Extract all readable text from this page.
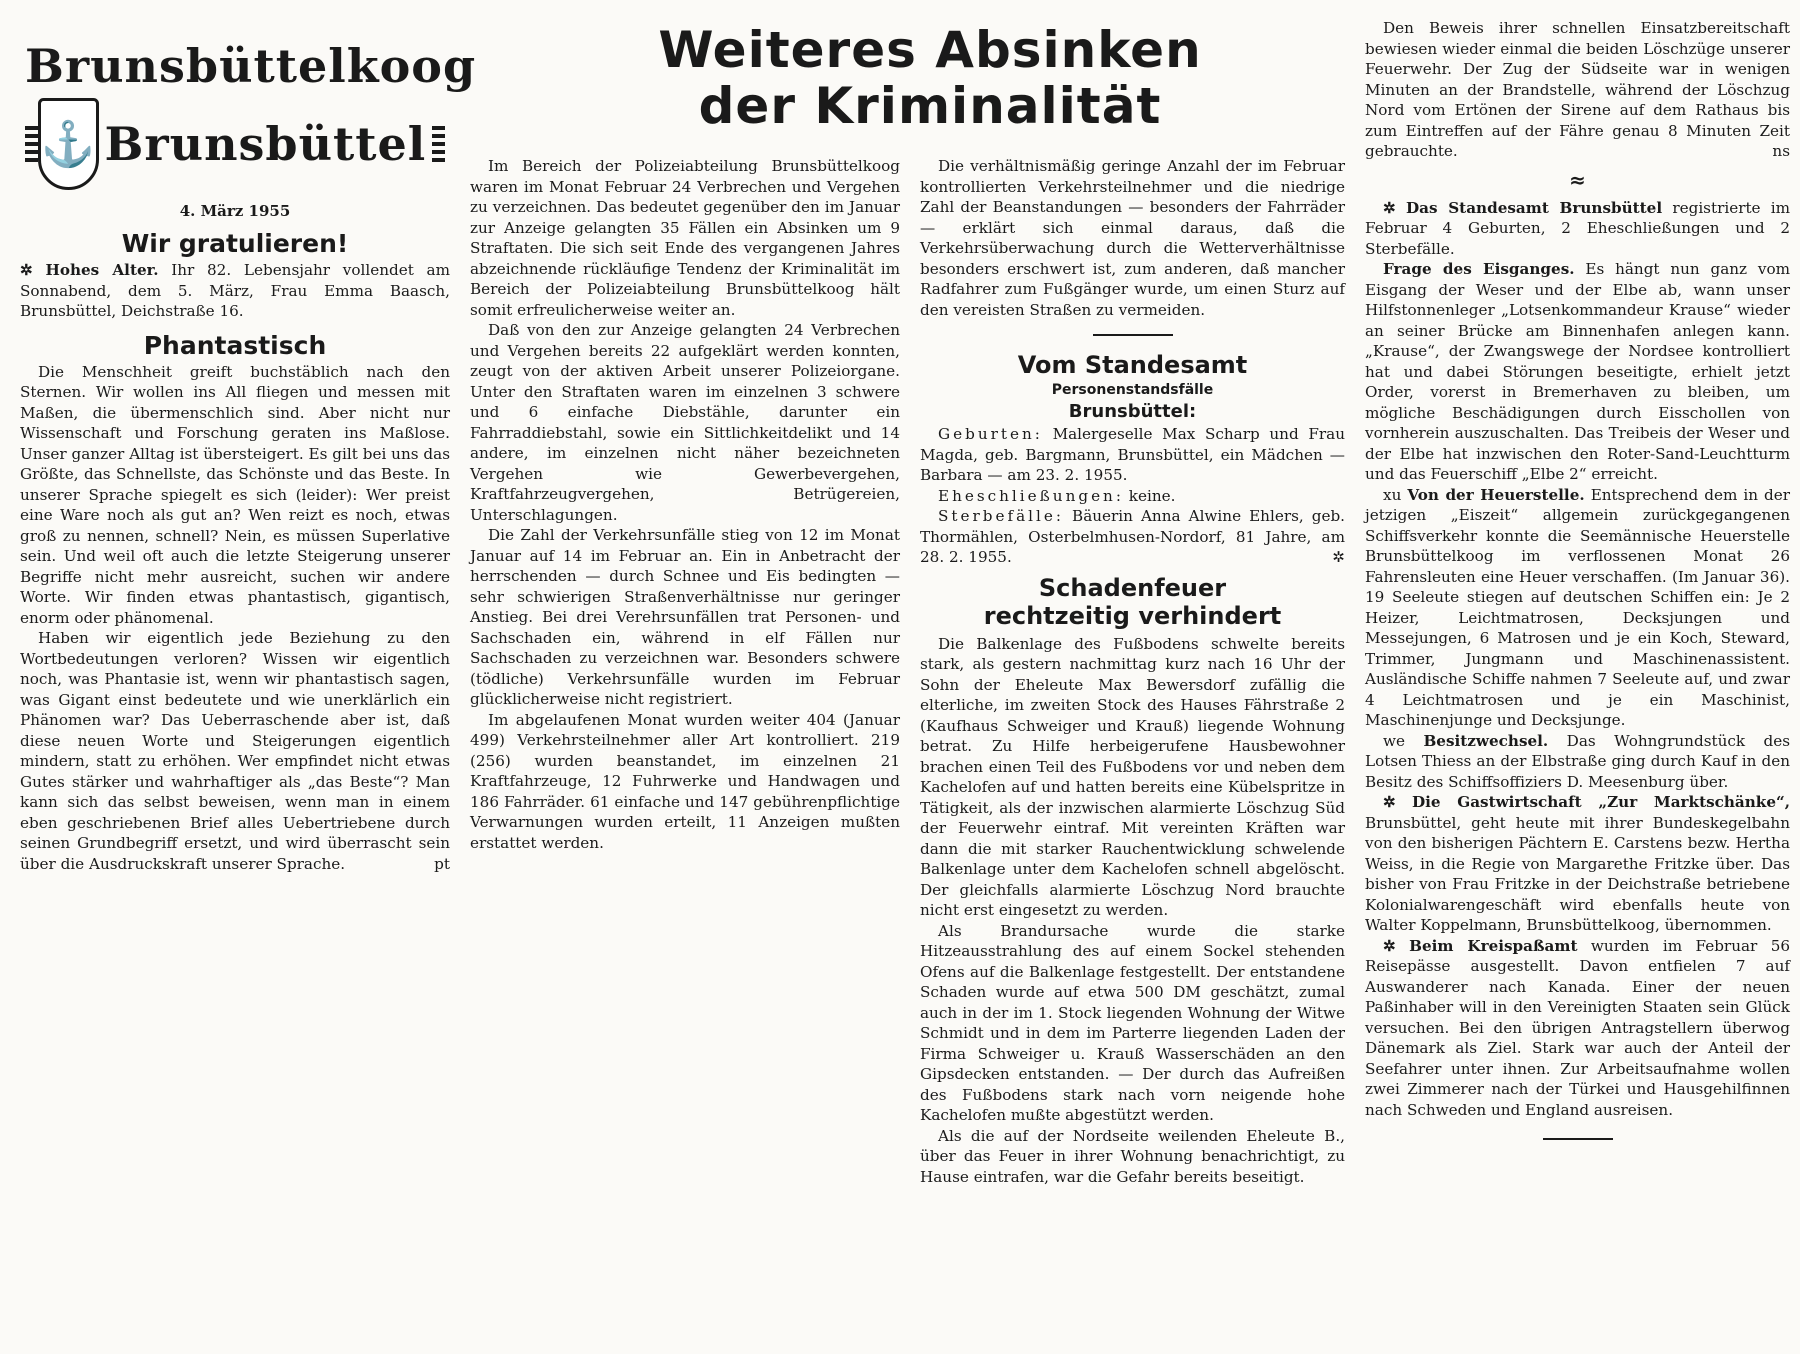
Brunsbüttelkoog
⚓ Brunsbüttel
Weiteres Absinken
der Kriminalität
4. März 1955
Wir gratulieren!

✲ Hohes Alter. Ihr 82. Lebensjahr vollendet am Sonnabend, dem 5. März, Frau Emma Baasch, Brunsbüttel, Deichstraße 16.

Phantastisch

Die Menschheit greift buchstäblich nach den Sternen. Wir wollen ins All fliegen und messen mit Maßen, die übermenschlich sind. Aber nicht nur Wissenschaft und Forschung geraten ins Maßlose. Unser ganzer Alltag ist übersteigert. Es gilt bei uns das Größte, das Schnellste, das Schönste und das Beste. In unserer Sprache spiegelt es sich (leider): Wer preist eine Ware noch als gut an? Wen reizt es noch, etwas groß zu nennen, schnell? Nein, es müssen Superlative sein. Und weil oft auch die letzte Steigerung unserer Begriffe nicht mehr ausreicht, suchen wir andere Worte. Wir finden etwas phantastisch, gigantisch, enorm oder phänomenal.

Haben wir eigentlich jede Beziehung zu den Wortbedeutungen verloren? Wissen wir eigentlich noch, was Phantasie ist, wenn wir phantastisch sagen, was Gigant einst bedeutete und wie unerklärlich ein Phänomen war? Das Ueberraschende aber ist, daß diese neuen Worte und Steigerungen eigentlich mindern, statt zu erhöhen. Wer empfindet nicht etwas Gutes stärker und wahrhaftiger als „das Beste“? Man kann sich das selbst beweisen, wenn man in einem eben geschriebenen Brief alles Uebertriebene durch seinen Grundbegriff ersetzt, und wird überrascht sein über die Ausdruckskraft unserer Sprache.	pt

Im Bereich der Polizeiabteilung Brunsbüttelkoog waren im Monat Februar 24 Verbrechen und Vergehen zu verzeichnen. Das bedeutet gegenüber den im Januar zur Anzeige gelangten 35 Fällen ein Absinken um 9 Straftaten. Die sich seit Ende des vergangenen Jahres abzeichnende rückläufige Tendenz der Kriminalität im Bereich der Polizeiabteilung Brunsbüttelkoog hält somit erfreulicherweise weiter an.

Daß von den zur Anzeige gelangten 24 Verbrechen und Vergehen bereits 22 aufgeklärt werden konnten, zeugt von der aktiven Arbeit unserer Polizeiorgane. Unter den Straftaten waren im einzelnen 3 schwere und 6 einfache Diebstähle, darunter ein Fahrraddiebstahl, sowie ein Sittlichkeitdelikt und 14 andere, im einzelnen nicht näher bezeichneten Vergehen wie Gewerbevergehen, Kraftfahrzeugvergehen, Betrügereien, Unterschlagungen.

Die Zahl der Verkehrsunfälle stieg von 12 im Monat Januar auf 14 im Februar an. Ein in Anbetracht der herrschenden — durch Schnee und Eis bedingten — sehr schwierigen Straßenverhältnisse nur geringer Anstieg. Bei drei Verehrsunfällen trat Personen- und Sachschaden ein, während in elf Fällen nur Sachschaden zu verzeichnen war. Besonders schwere (tödliche) Verkehrsunfälle wurden im Februar glücklicherweise nicht registriert.

Im abgelaufenen Monat wurden weiter 404 (Januar 499) Verkehrsteilnehmer aller Art kontrolliert. 219 (256) wurden beanstandet, im einzelnen 21 Kraftfahrzeuge, 12 Fuhrwerke und Handwagen und 186 Fahrräder. 61 einfache und 147 gebührenpflichtige Verwarnungen wurden erteilt, 11 Anzeigen mußten erstattet werden.

Die verhältnismäßig geringe Anzahl der im Februar kontrollierten Verkehrsteilnehmer und die niedrige Zahl der Beanstandungen — besonders der Fahrräder — erklärt sich einmal daraus, daß die Verkehrsüberwachung durch die Wetterverhältnisse besonders erschwert ist, zum anderen, daß mancher Radfahrer zum Fußgänger wurde, um einen Sturz auf den vereisten Straßen zu vermeiden.

Vom Standesamt
Personenstandsfälle
Brunsbüttel:

Geburten: Malergeselle Max Scharp und Frau Magda, geb. Bargmann, Brunsbüttel, ein Mädchen — Barbara — am 23. 2. 1955.

Eheschließungen: keine.

Sterbefälle: Bäuerin Anna Alwine Ehlers, geb. Thormählen, Osterbelmhusen-Nordorf, 81 Jahre, am 28. 2. 1955.	✲

Schadenfeuer
rechtzeitig verhindert

Die Balkenlage des Fußbodens schwelte bereits stark, als gestern nachmittag kurz nach 16 Uhr der Sohn der Eheleute Max Bewersdorf zufällig die elterliche, im zweiten Stock des Hauses Fährstraße 2 (Kaufhaus Schweiger und Krauß) liegende Wohnung betrat. Zu Hilfe herbeigerufene Hausbewohner brachen einen Teil des Fußbodens vor und neben dem Kachelofen auf und hatten bereits eine Kübelspritze in Tätigkeit, als der inzwischen alarmierte Löschzug Süd der Feuerwehr eintraf. Mit vereinten Kräften war dann die mit starker Rauchentwicklung schwelende Balkenlage unter dem Kachelofen schnell abgelöscht. Der gleichfalls alarmierte Löschzug Nord brauchte nicht erst eingesetzt zu werden.

Als Brandursache wurde die starke Hitzeausstrahlung des auf einem Sockel stehenden Ofens auf die Balkenlage festgestellt. Der entstandene Schaden wurde auf etwa 500 DM geschätzt, zumal auch in der im 1. Stock liegenden Wohnung der Witwe Schmidt und in dem im Parterre liegenden Laden der Firma Schweiger u. Krauß Wasserschäden an den Gipsdecken entstanden. — Der durch das Aufreißen des Fußbodens stark nach vorn neigende hohe Kachelofen mußte abgestützt werden.

Als die auf der Nordseite weilenden Eheleute B., über das Feuer in ihrer Wohnung benachrichtigt, zu Hause eintrafen, war die Gefahr bereits beseitigt.

Den Beweis ihrer schnellen Einsatzbereitschaft bewiesen wieder einmal die beiden Löschzüge unserer Feuerwehr. Der Zug der Südseite war in wenigen Minuten an der Brandstelle, während der Löschzug Nord vom Ertönen der Sirene auf dem Rathaus bis zum Eintreffen auf der Fähre genau 8 Minuten Zeit gebrauchte.	ns

≈

✲ Das Standesamt Brunsbüttel registrierte im Februar 4 Geburten, 2 Eheschließungen und 2 Sterbefälle.

Frage des Eisganges. Es hängt nun ganz vom Eisgang der Weser und der Elbe ab, wann unser Hilfstonnenleger „Lotsenkommandeur Krause“ wieder an seiner Brücke am Binnenhafen anlegen kann. „Krause“, der Zwangswege der Nordsee kontrolliert hat und dabei Störungen beseitigte, erhielt jetzt Order, vorerst in Bremerhaven zu bleiben, um mögliche Beschädigungen durch Eisschollen von vornherein auszuschalten. Das Treibeis der Weser und der Elbe hat inzwischen den Roter-Sand-Leuchtturm und das Feuerschiff „Elbe 2“ erreicht.

xu Von der Heuerstelle. Entsprechend dem in der jetzigen „Eiszeit“ allgemein zurückgegangenen Schiffsverkehr konnte die Seemännische Heuerstelle Brunsbüttelkoog im verflossenen Monat 26 Fahrensleuten eine Heuer verschaffen. (Im Januar 36). 19 Seeleute stiegen auf deutschen Schiffen ein: Je 2 Heizer, Leichtmatrosen, Decksjungen und Messejungen, 6 Matrosen und je ein Koch, Steward, Trimmer, Jungmann und Maschinenassistent. Ausländische Schiffe nahmen 7 Seeleute auf, und zwar 4 Leichtmatrosen und je ein Maschinist, Maschinenjunge und Decksjunge.

we Besitzwechsel. Das Wohngrundstück des Lotsen Thiess an der Elbstraße ging durch Kauf in den Besitz des Schiffsoffiziers D. Meesenburg über.

✲ Die Gastwirtschaft „Zur Marktschänke“, Brunsbüttel, geht heute mit ihrer Bundeskegelbahn von den bisherigen Pächtern E. Carstens bezw. Hertha Weiss, in die Regie von Margarethe Fritzke über. Das bisher von Frau Fritzke in der Deichstraße betriebene Kolonialwarengeschäft wird ebenfalls heute von Walter Koppelmann, Brunsbüttelkoog, übernommen.

✲ Beim Kreispaßamt wurden im Februar 56 Reisepässe ausgestellt. Davon entfielen 7 auf Auswanderer nach Kanada. Einer der neuen Paßinhaber will in den Vereinigten Staaten sein Glück versuchen. Bei den übrigen Antragstellern überwog Dänemark als Ziel. Stark war auch der Anteil der Seefahrer unter ihnen. Zur Arbeitsaufnahme wollen zwei Zimmerer nach der Türkei und Hausgehilfinnen nach Schweden und England ausreisen.
